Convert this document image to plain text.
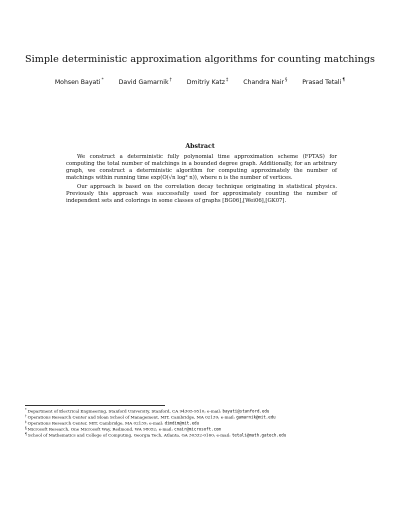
Simple deterministic approximation algorithms for counting matchings
Mohsen Bayati* David Gamarnik† Dmitriy Katz‡ Chandra Nair§ Prasad Tetali¶
Abstract

We construct a deterministic fully polynomial time approximation scheme (FPTAS) for computing the total number of matchings in a bounded degree graph. Additionally, for an arbitrary graph, we construct a deterministic algorithm for computing approximately the number of matchings within running time exp(O(√n log² n)), where n is the number of vertices.

Our approach is based on the correlation decay technique originating in statistical physics. Previously this approach was successfully used for approximately counting the number of independent sets and colorings in some classes of graphs [BG06],[Wei06],[GK07].

*Department of Electrical Engineering, Stanford University, Stanford, CA 94305-9510; e-mail: bayati@stanford.edu

†Operations Research Center and Sloan School of Management, MIT, Cambridge, MA 02139; e-mail: gamarnik@mit.edu

‡Operations Research Center, MIT, Cambridge, MA 02139; e-mail: dimdim@mit.edu

§Microsoft Research, One Microsoft Way, Redmond, WA 98052; e-mail: cnair@microsoft.com

¶School of Mathematics and College of Computing, Georgia Tech, Atlanta, GA 30332-0160; e-mail: tetali@math.gatech.edu
